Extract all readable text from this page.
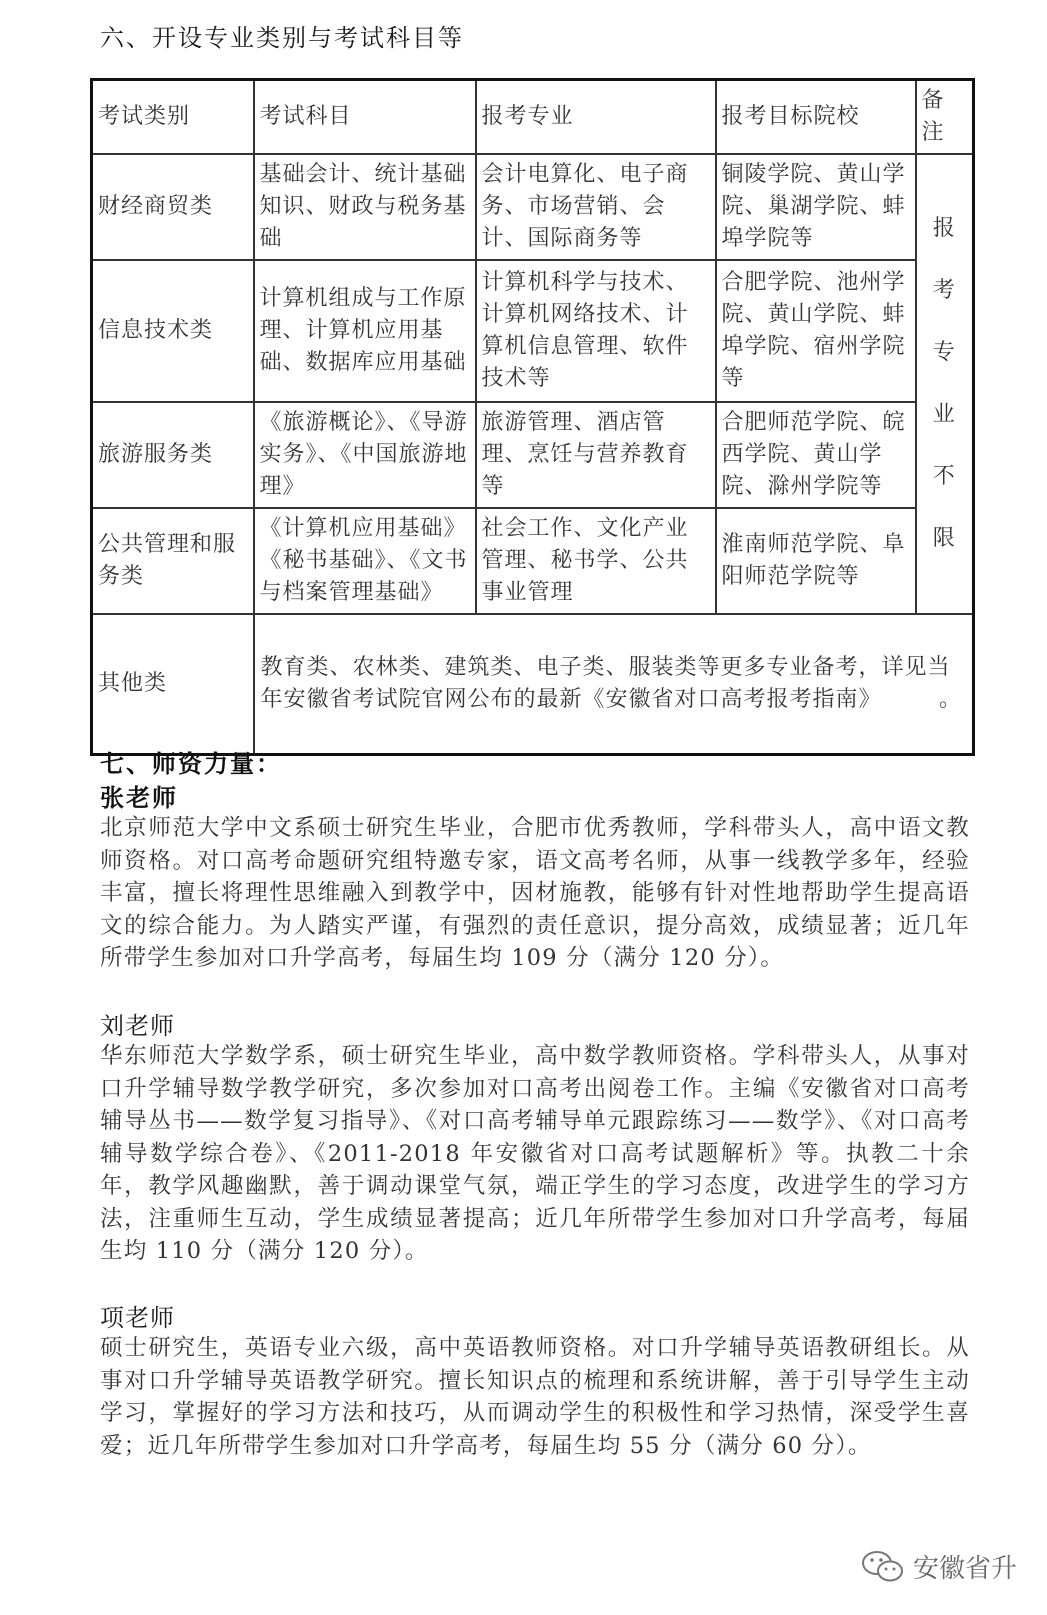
六、开设专业类别与考试科目等
考试类别	考试科目	报考专业	报考目标院校	备注
财经商贸类	基础会计、统计基础知识、财政与税务基础	会计电算化、电子商务、市场营销、会计、国际商务等	铜陵学院、黄山学院、巢湖学院、蚌埠学院等	报考专业不限
信息技术类	计算机组成与工作原理、计算机应用基础、数据库应用基础	计算机科学与技术、计算机网络技术、计算机信息管理、软件技术等	合肥学院、池州学院、黄山学院、蚌埠学院、宿州学院等	
旅游服务类	《旅游概论》、《导游实务》、《中国旅游地理》	旅游管理、酒店管理、烹饪与营养教育等	合肥师范学院、皖西学院、黄山学院、滁州学院等	
公共管理和服务类	《计算机应用基础》《秘书基础》、《文书与档案管理基础》	社会工作、文化产业管理、秘书学、公共事业管理	淮南师范学院、阜阳师范学院等	
其他类	教育类、农林类、建筑类、电子类、服装类等更多专业备考，详见当年安徽省考试院官网公布的最新《安徽省对口高考报考指南》 。			
七、师资力量：
张老师
北京师范大学中文系硕士研究生毕业，合肥市优秀教师，学科带头人，高中语文教师资格。对口高考命题研究组特邀专家，语文高考名师，从事一线教学多年，经验丰富，擅长将理性思维融入到教学中，因材施教，能够有针对性地帮助学生提高语文的综合能力。为人踏实严谨，有强烈的责任意识，提分高效，成绩显著；近几年所带学生参加对口升学高考，每届生均 109 分（满分 120 分）。
刘老师
华东师范大学数学系，硕士研究生毕业，高中数学教师资格。学科带头人，从事对口升学辅导数学教学研究，多次参加对口高考出阅卷工作。主编《安徽省对口高考辅导丛书——数学复习指导》、《对口高考辅导单元跟踪练习——数学》、《对口高考辅导数学综合卷》、《2011-2018 年安徽省对口高考试题解析》等。执教二十余年，教学风趣幽默，善于调动课堂气氛，端正学生的学习态度，改进学生的学习方法，注重师生互动，学生成绩显著提高；近几年所带学生参加对口升学高考，每届生均 110 分（满分 120 分）。
项老师
硕士研究生，英语专业六级，高中英语教师资格。对口升学辅导英语教研组长。从事对口升学辅导英语教学研究。擅长知识点的梳理和系统讲解，善于引导学生主动学习，掌握好的学习方法和技巧，从而调动学生的积极性和学习热情，深受学生喜爱；近几年所带学生参加对口升学高考，每届生均 55 分（满分 60 分）。
安徽省升
